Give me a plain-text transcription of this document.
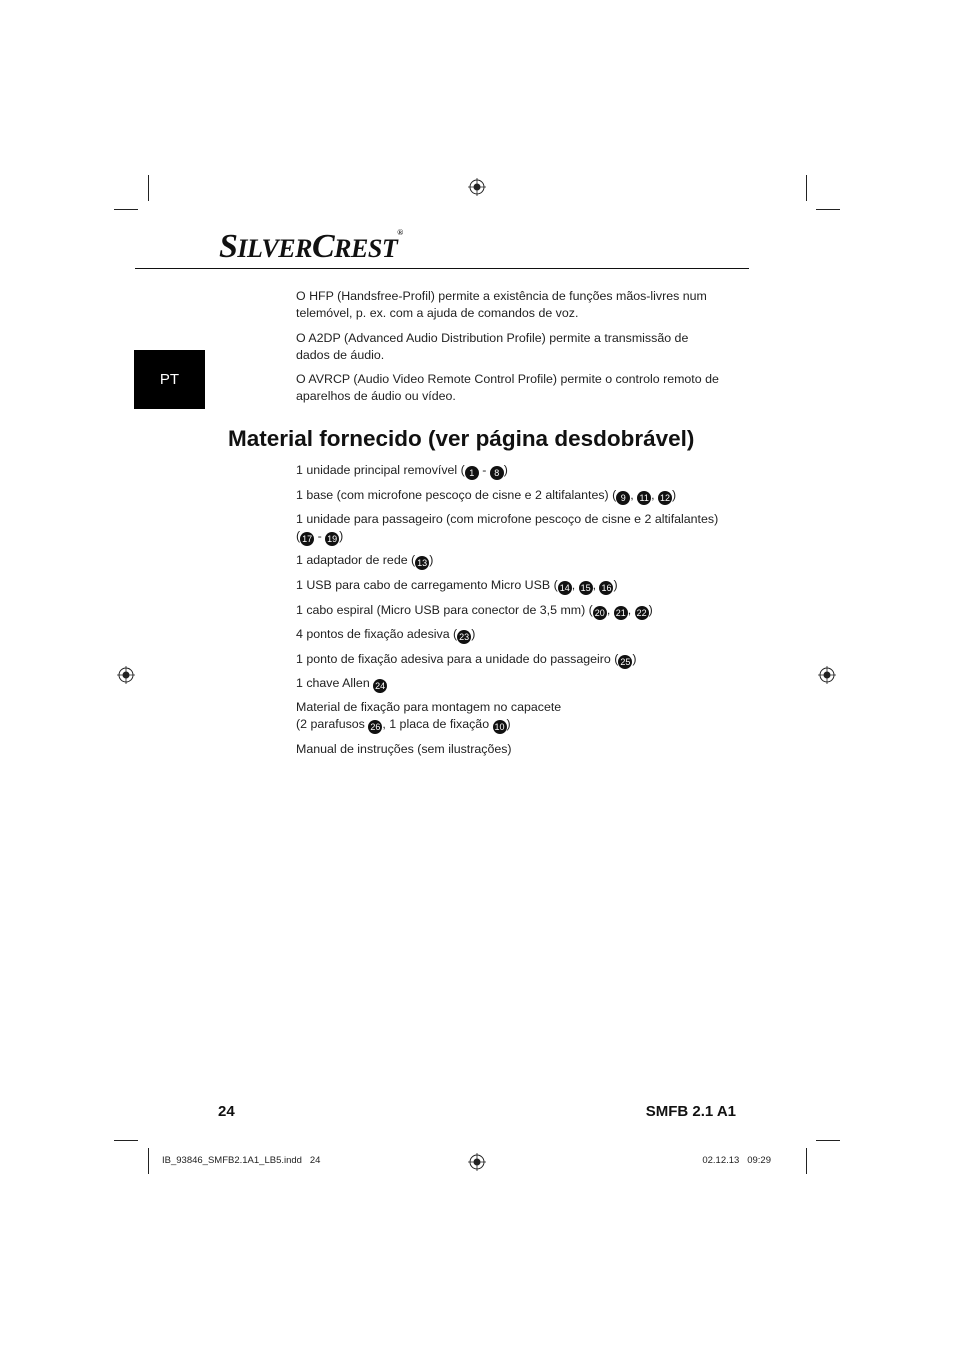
SILVERCREST®
PT
O HFP (Handsfree-Profil) permite a existência de funções mãos-livres num
telemóvel, p. ex. com a ajuda de comandos de voz.
O A2DP (Advanced Audio Distribution Profile) permite a transmissão de
dados de áudio.
O AVRCP (Audio Video Remote Control Profile) permite o controlo remoto de
aparelhos de áudio ou vídeo.
Material fornecido (ver página desdobrável)
1 unidade principal removível ( 1 - 8 )
1 base (com microfone pescoço de cisne e 2 altifalantes) ( 9 , 11 , 12 )
1 unidade para passageiro (com microfone pescoço de cisne e 2 altifalantes)
( 17 - 19 )
1 adaptador de rede ( 13 )
1 USB para cabo de carregamento Micro USB ( 14 , 15 , 16 )
1 cabo espiral (Micro USB para conector de 3,5 mm) ( 20 , 21 , 22 )
4 pontos de fixação adesiva ( 23 )
1 ponto de fixação adesiva para a unidade do passageiro ( 25 )
1 chave Allen 24
Material de fixação para montagem no capacete
(2 parafusos 26 , 1 placa de fixação 10 )
Manual de instruções (sem ilustrações)
24	SMFB 2.1 A1
IB_93846_SMFB2.1A1_LB5.indd   24	02.12.13   09:29
